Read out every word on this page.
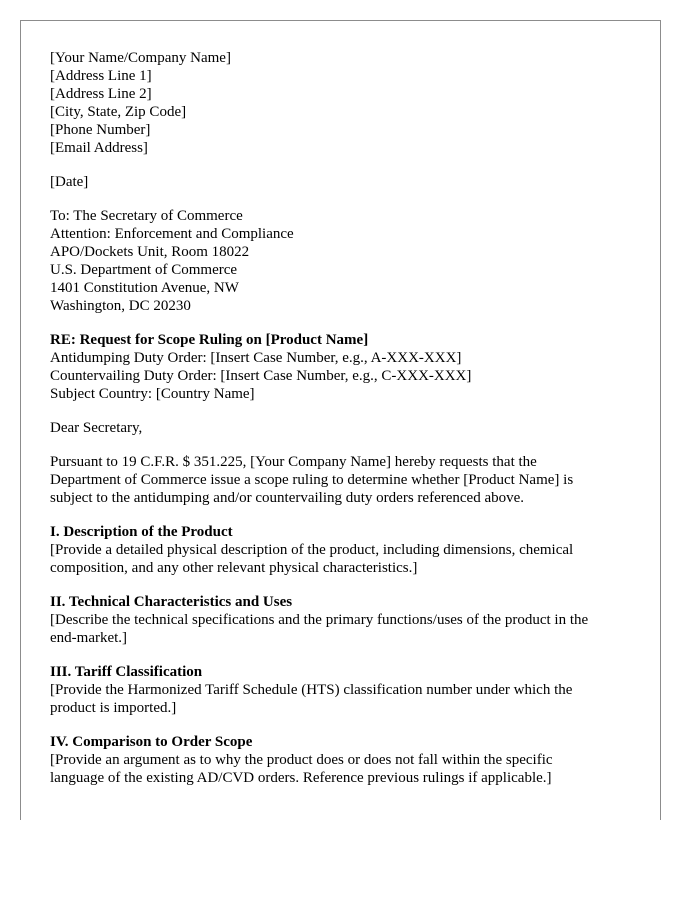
[Your Name/Company Name]
[Address Line 1]
[Address Line 2]
[City, State, Zip Code]
[Phone Number]
[Email Address]
[Date]
To: The Secretary of Commerce
Attention: Enforcement and Compliance
APO/Dockets Unit, Room 18022
U.S. Department of Commerce
1401 Constitution Avenue, NW
Washington, DC 20230
RE: Request for Scope Ruling on [Product Name]
Antidumping Duty Order: [Insert Case Number, e.g., A-XXX-XXX]
Countervailing Duty Order: [Insert Case Number, e.g., C-XXX-XXX]
Subject Country: [Country Name]
Dear Secretary,
Pursuant to 19 C.F.R. $ 351.225, [Your Company Name] hereby requests that the
Department of Commerce issue a scope ruling to determine whether [Product Name] is
subject to the antidumping and/or countervailing duty orders referenced above.
I. Description of the Product
[Provide a detailed physical description of the product, including dimensions, chemical
composition, and any other relevant physical characteristics.]
II. Technical Characteristics and Uses
[Describe the technical specifications and the primary functions/uses of the product in the
end-market.]
III. Tariff Classification
[Provide the Harmonized Tariff Schedule (HTS) classification number under which the
product is imported.]
IV. Comparison to Order Scope
[Provide an argument as to why the product does or does not fall within the specific
language of the existing AD/CVD orders. Reference previous rulings if applicable.]
